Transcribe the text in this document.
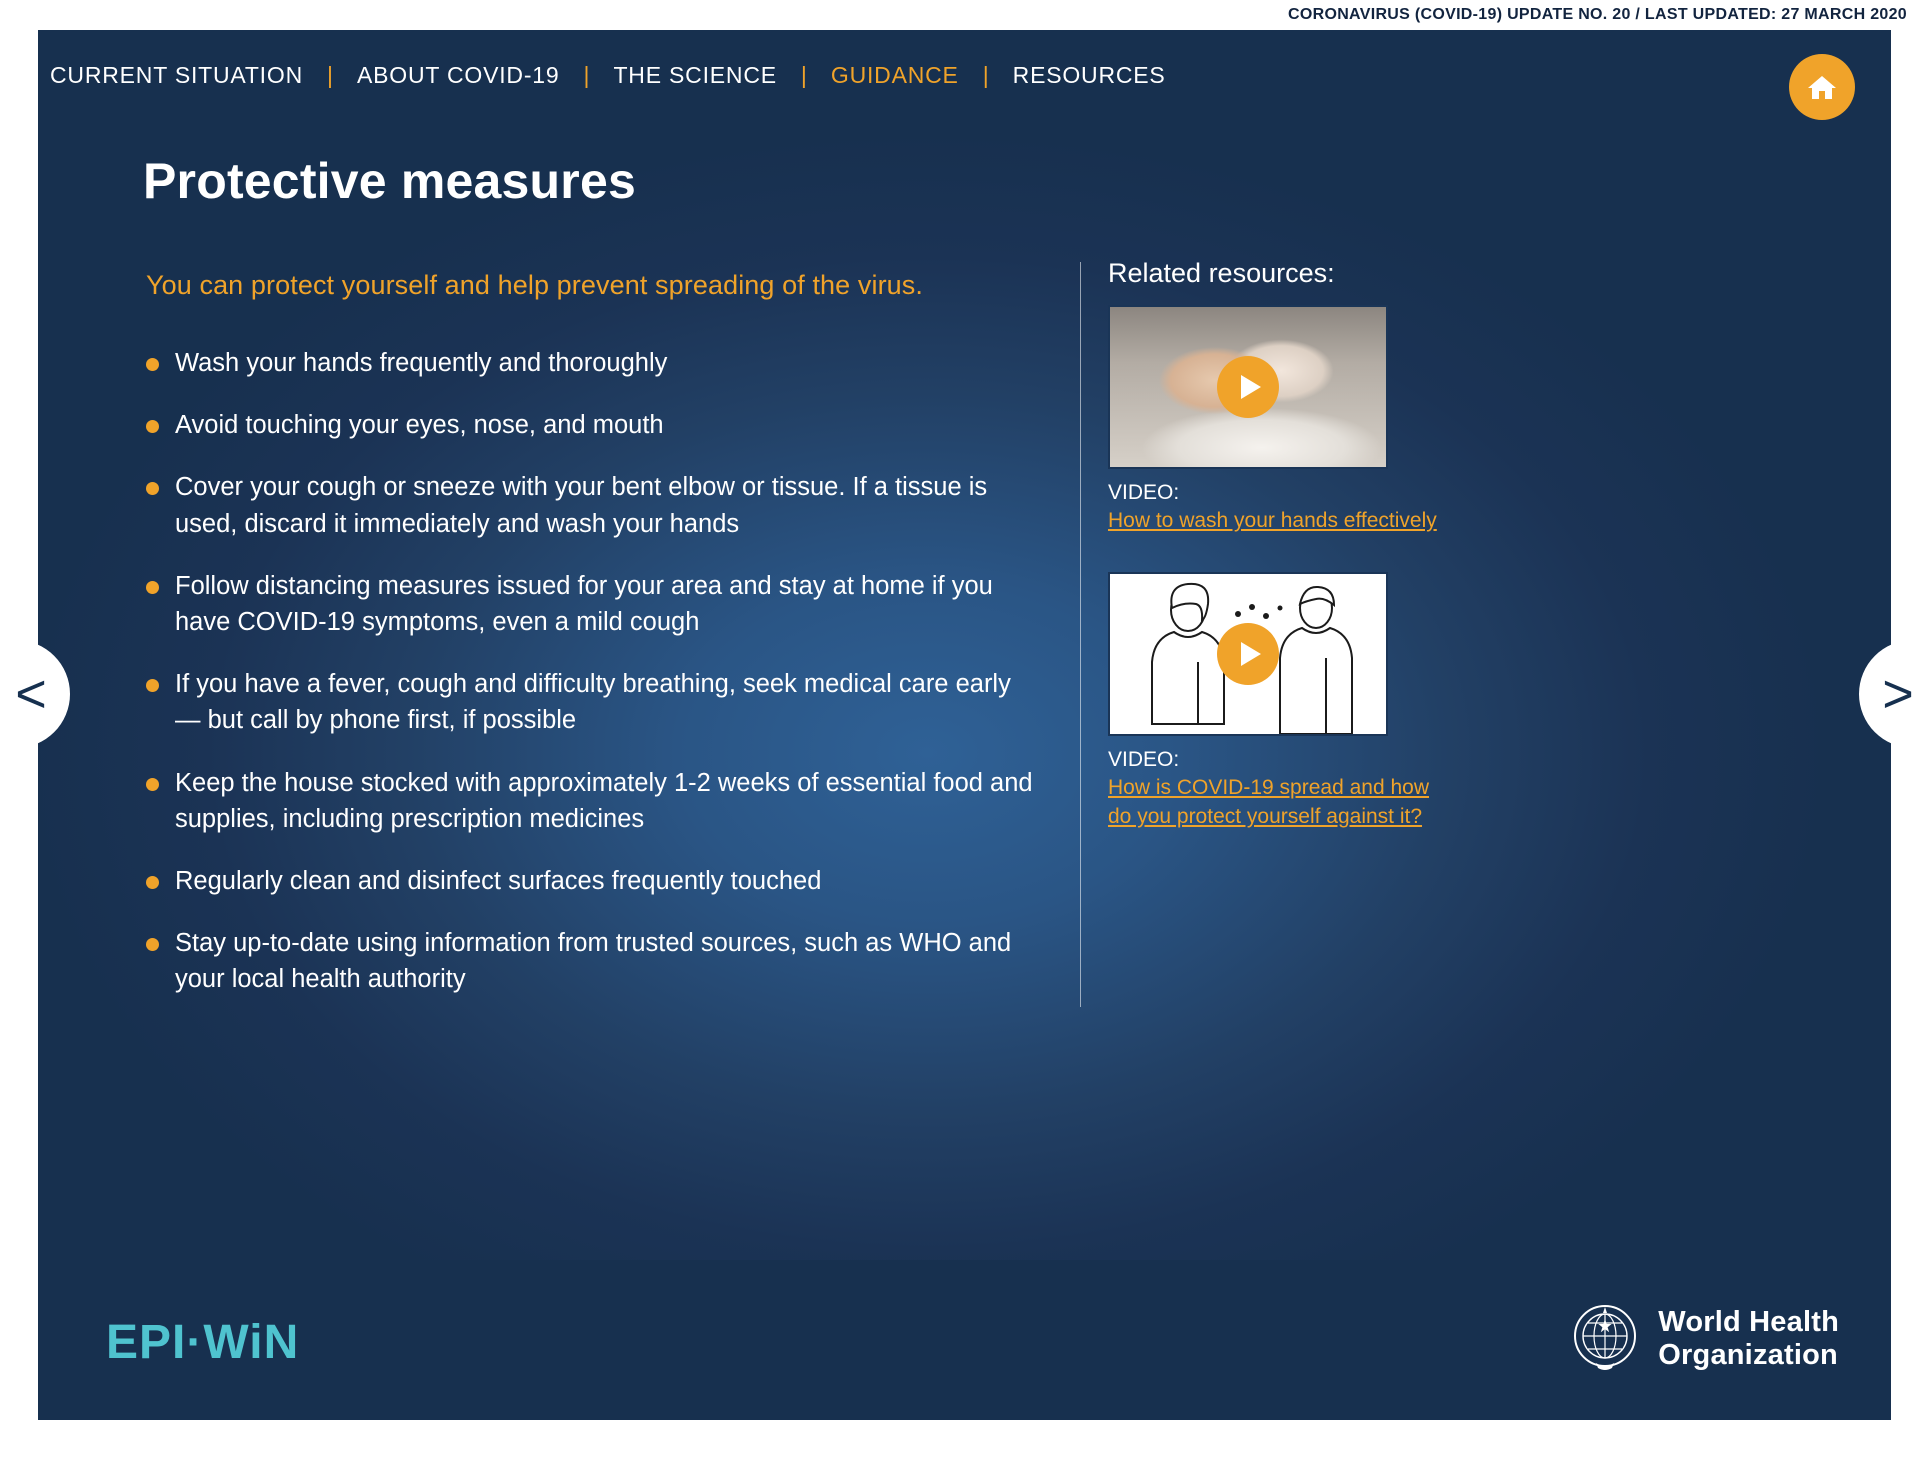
CORONAVIRUS (COVID-19) UPDATE NO. 20 / LAST UPDATED: 27 MARCH 2020
CURRENT SITUATION	|	ABOUT COVID-19	|	THE SCIENCE	|	GUIDANCE	|	RESOURCES
Protective measures
You can protect yourself and help prevent spreading of the virus.
Wash your hands frequently and thoroughly
Avoid touching your eyes, nose, and mouth
Cover your cough or sneeze with your bent elbow or tissue. If a tissue is used, discard it immediately and wash your hands
Follow distancing measures issued for your area and stay at home if you have COVID-19 symptoms, even a mild cough
If you have a fever, cough and difficulty breathing, seek medical care early — but call by phone first, if possible
Keep the house stocked with approximately 1-2 weeks of essential food and supplies, including prescription medicines
Regularly clean and disinfect surfaces frequently touched
Stay up-to-date using information from trusted sources, such as WHO and your local health authority
Related resources:
VIDEO:
How to wash your hands effectively
VIDEO:
How is COVID-19 spread and how do you protect yourself against it?
EPI·WiN	World Health
Organization
<	>
